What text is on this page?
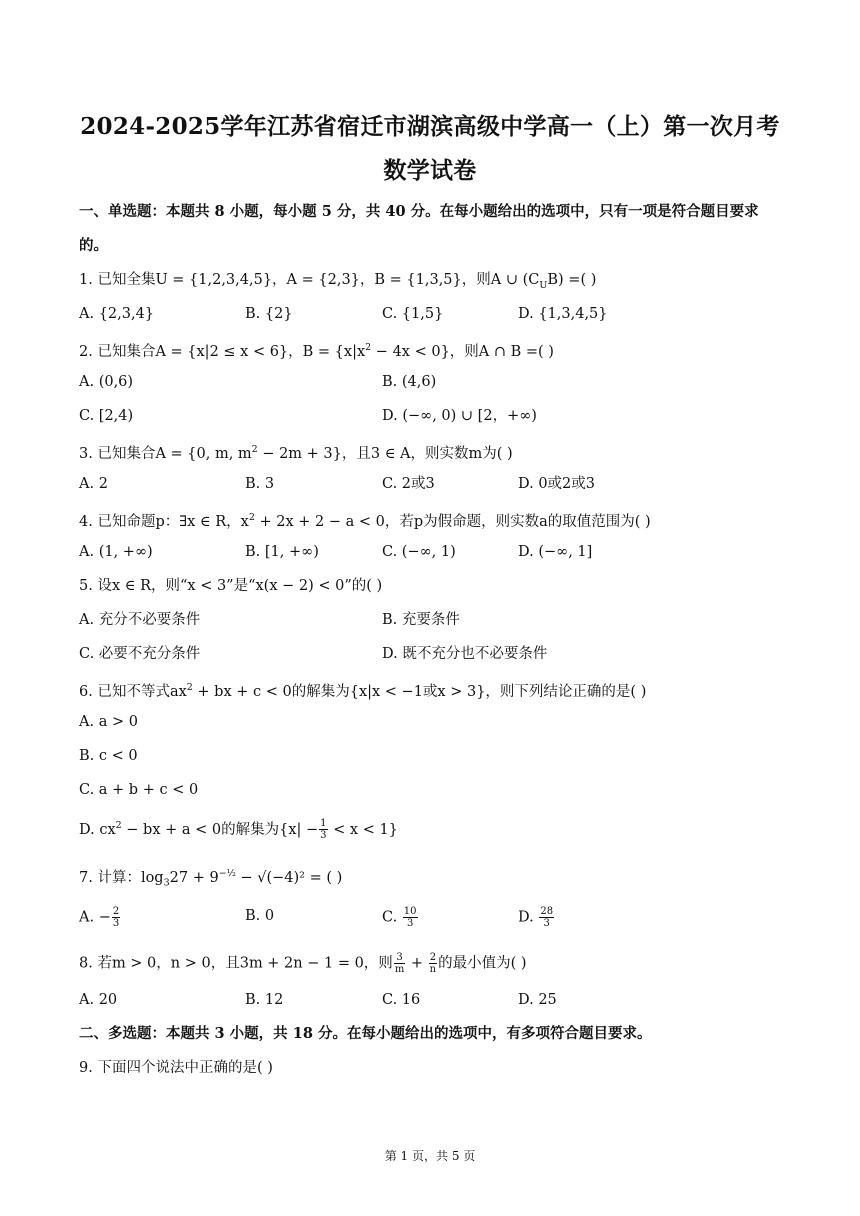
2024-2025学年江苏省宿迁市湖滨高级中学高一（上）第一次月考
数学试卷
一、单选题：本题共 8 小题，每小题 5 分，共 40 分。在每小题给出的选项中，只有一项是符合题目要求
的。
1. 已知全集U = {1,2,3,4,5}，A = {2,3}，B = {1,3,5}，则A ∪ $(C_UB)$ =( )
A. {2,3,4}	B. {2}	C. {1,5}	D. {1,3,4,5}
2. 已知集合A = {x|2 ≤ x < 6}，$B = \{x|x^2 - 4x < 0\}$，则A ∩ B =( )
A. (0,6)	B. (4,6)
C. [2,4)	D. (−∞, 0) ∪ [2，+∞)
3. 已知集合A = {0, m, $m^2 - 2m + 3$}，且3 ∈ A，则实数m为( )
A. 2	B. 3	C. 2或3	D. 0或2或3
4. 已知命题p：∃x ∈ R，$x^2 + 2x + 2 - a < 0$，若p为假命题，则实数a的取值范围为( )
A. (1, +∞)	B. [1, +∞)	C. (−∞, 1)	D. (−∞, 1]
5. 设x ∈ R，则“x < 3”是“x(x − 2) < 0”的( )
A. 充分不必要条件	B. 充要条件
C. 必要不充分条件	D. 既不充分也不必要条件
6. 已知不等式$ax^2$ + bx + c < 0的解集为{x|x < −1或x > 3}，则下列结论正确的是( )
A. a > 0
B. c < 0
C. a + b + c < 0
D. $cx^2$ − bx + a < 0的解集为$\{x| - \frac{1}{3} < x < 1\}$
7. 计算：$\log_327 + 9^{-\frac{1}{2}} - √(-4)^2$ = ( )
A. − $\frac{2}{3}$	B. 0	C. $\frac{10}{3}$	D. $\frac{28}{3}$
8. 若m > 0，n > 0，且3m + 2n − 1 = 0，则 $\frac{3}{m} + \frac{2}{n}$ 的最小值为( )
A. 20	B. 12	C. 16	D. 25
二、多选题：本题共 3 小题，共 18 分。在每小题给出的选项中，有多项符合题目要求。
9. 下面四个说法中正确的是( )
第 1 页，共 5 页
